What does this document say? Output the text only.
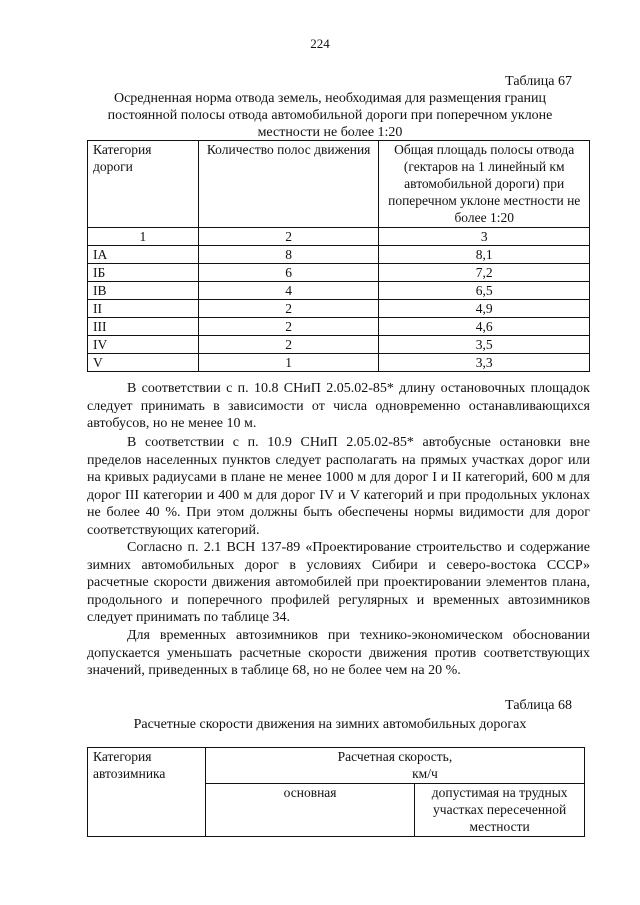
224
Таблица 67
Осредненная норма отвода земель, необходимая для размещения границ
постоянной полосы отвода автомобильной дороги при поперечном уклоне
местности не более 1:20
Категория дороги	Количество полос движения	Общая площадь полосы отвода (гектаров на 1 линейный км автомобильной дороги) при поперечном уклоне местности не более 1:20
1	2	3
IА	8	8,1
IБ	6	7,2
IВ	4	6,5
II	2	4,9
III	2	4,6
IV	2	3,5
V	1	3,3
В соответствии с п. 10.8 СНиП 2.05.02-85* длину остановочных площадок следует принимать в зависимости от числа одновременно останавливающихся автобусов, но не менее 10 м.
В соответствии с п. 10.9 СНиП 2.05.02-85* автобусные остановки вне пределов населенных пунктов следует располагать на прямых участках дорог или на кривых радиусами в плане не менее 1000 м для дорог I и II категорий, 600 м для дорог III категории и 400 м для дорог IV и V категорий и при продольных уклонах не более 40 %. При этом должны быть обеспечены нормы видимости для дорог соответствующих категорий.
Согласно п. 2.1 ВСН 137-89 «Проектирование строительство и содержание зимних автомобильных дорог в условиях Сибири и северо-востока СССР» расчетные скорости движения автомобилей при проектировании элементов плана, продольного и поперечного профилей регулярных и временных автозимников следует принимать по таблице 34.
Для временных автозимников при технико-экономическом обосновании допускается уменьшать расчетные скорости движения против соответствующих значений, приведенных в таблице 68, но не более чем на 20 %.
Таблица 68
Расчетные скорости движения на зимних автомобильных дорогах
Категория автозимника	Расчетная скорость,
км/ч	

	основная	допустимая на трудных участках пересеченной местности
